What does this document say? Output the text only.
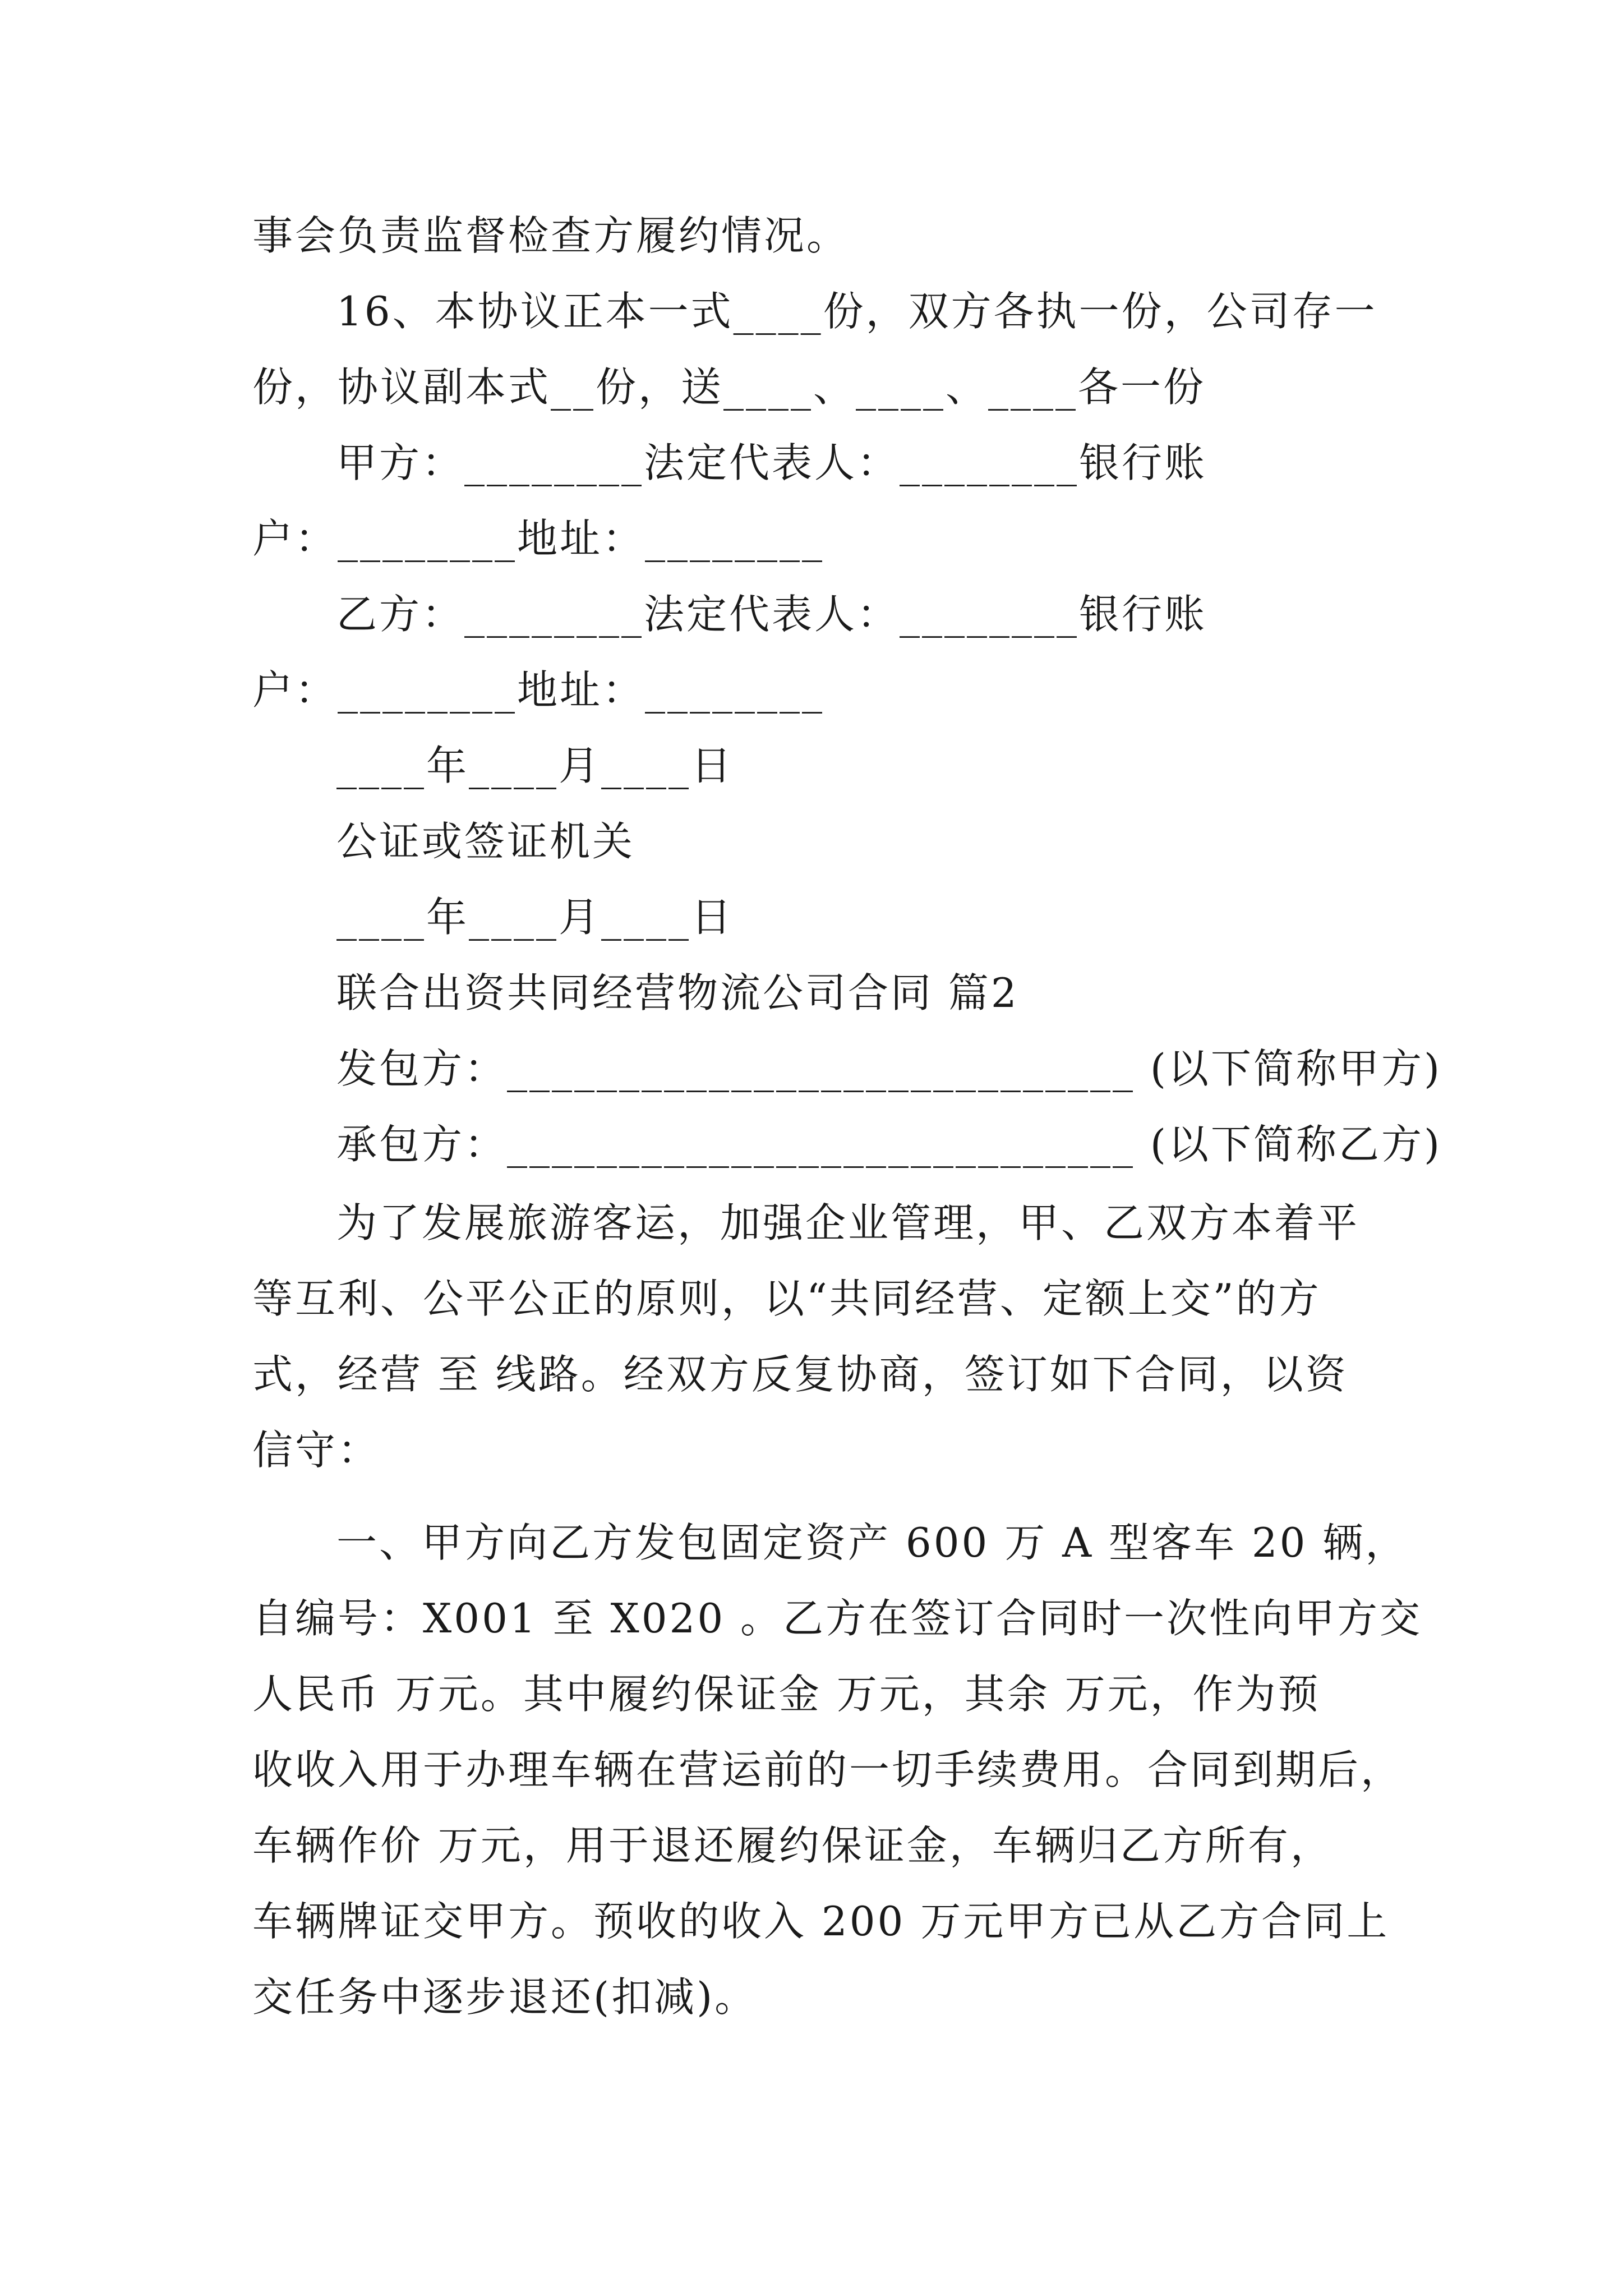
事会负责监督检查方履约情况。
16、本协议正本一式____份，双方各执一份，公司存一
份，协议副本式__份，送____、____、____各一份
甲方：________法定代表人：________银行账
户：________地址：________
乙方：________法定代表人：________银行账
户：________地址：________
____年____月____日
公证或签证机关
____年____月____日
联合出资共同经营物流公司合同 篇2
发包方：____________________________ (以下简称甲方)
承包方：____________________________ (以下简称乙方)
为了发展旅游客运，加强企业管理，甲、乙双方本着平
等互利、公平公正的原则，以“共同经营、定额上交”的方
式，经营 至 线路。经双方反复协商，签订如下合同，以资
信守：
一、甲方向乙方发包固定资产 600 万 A 型客车 20 辆，
自编号：X001 至 X020 。乙方在签订合同时一次性向甲方交
人民币 万元。其中履约保证金 万元，其余 万元，作为预
收收入用于办理车辆在营运前的一切手续费用。合同到期后，
车辆作价 万元，用于退还履约保证金，车辆归乙方所有，
车辆牌证交甲方。预收的收入 200 万元甲方已从乙方合同上
交任务中逐步退还(扣减)。
